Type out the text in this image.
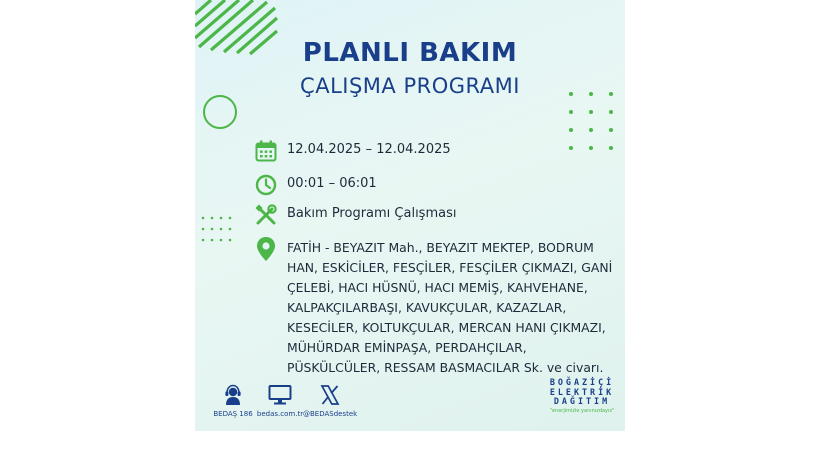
PLANLI BAKIM
ÇALIŞMA PROGRAMI
12.04.2025 – 12.04.2025
00:01 – 06:01
Bakım Programı Çalışması
FATİH - BEYAZIT Mah., BEYAZIT MEKTEP, BODRUM
HAN, ESKİCİLER, FESÇİLER, FESÇİLER ÇIKMAZI, GANİ
ÇELEBİ, HACI HÜSNÜ, HACI MEMİŞ, KAHVEHANE,
KALPAKÇILARBAŞI, KAVUKÇULAR, KAZAZLAR,
KESECİLER, KOLTUKÇULAR, MERCAN HANI ÇIKMAZI,
MÜHÜRDAR EMİNPAŞA, PERDAHÇILAR,
PÜSKÜLCÜLER, RESSAM BASMACILAR Sk. ve civarı.
BEDAŞ 186 bedas.com.tr @BEDASdestek
BOĞAZİÇİ
ELEKTRİK
DAĞITIM
"enerjimizle yanınızdayız"
